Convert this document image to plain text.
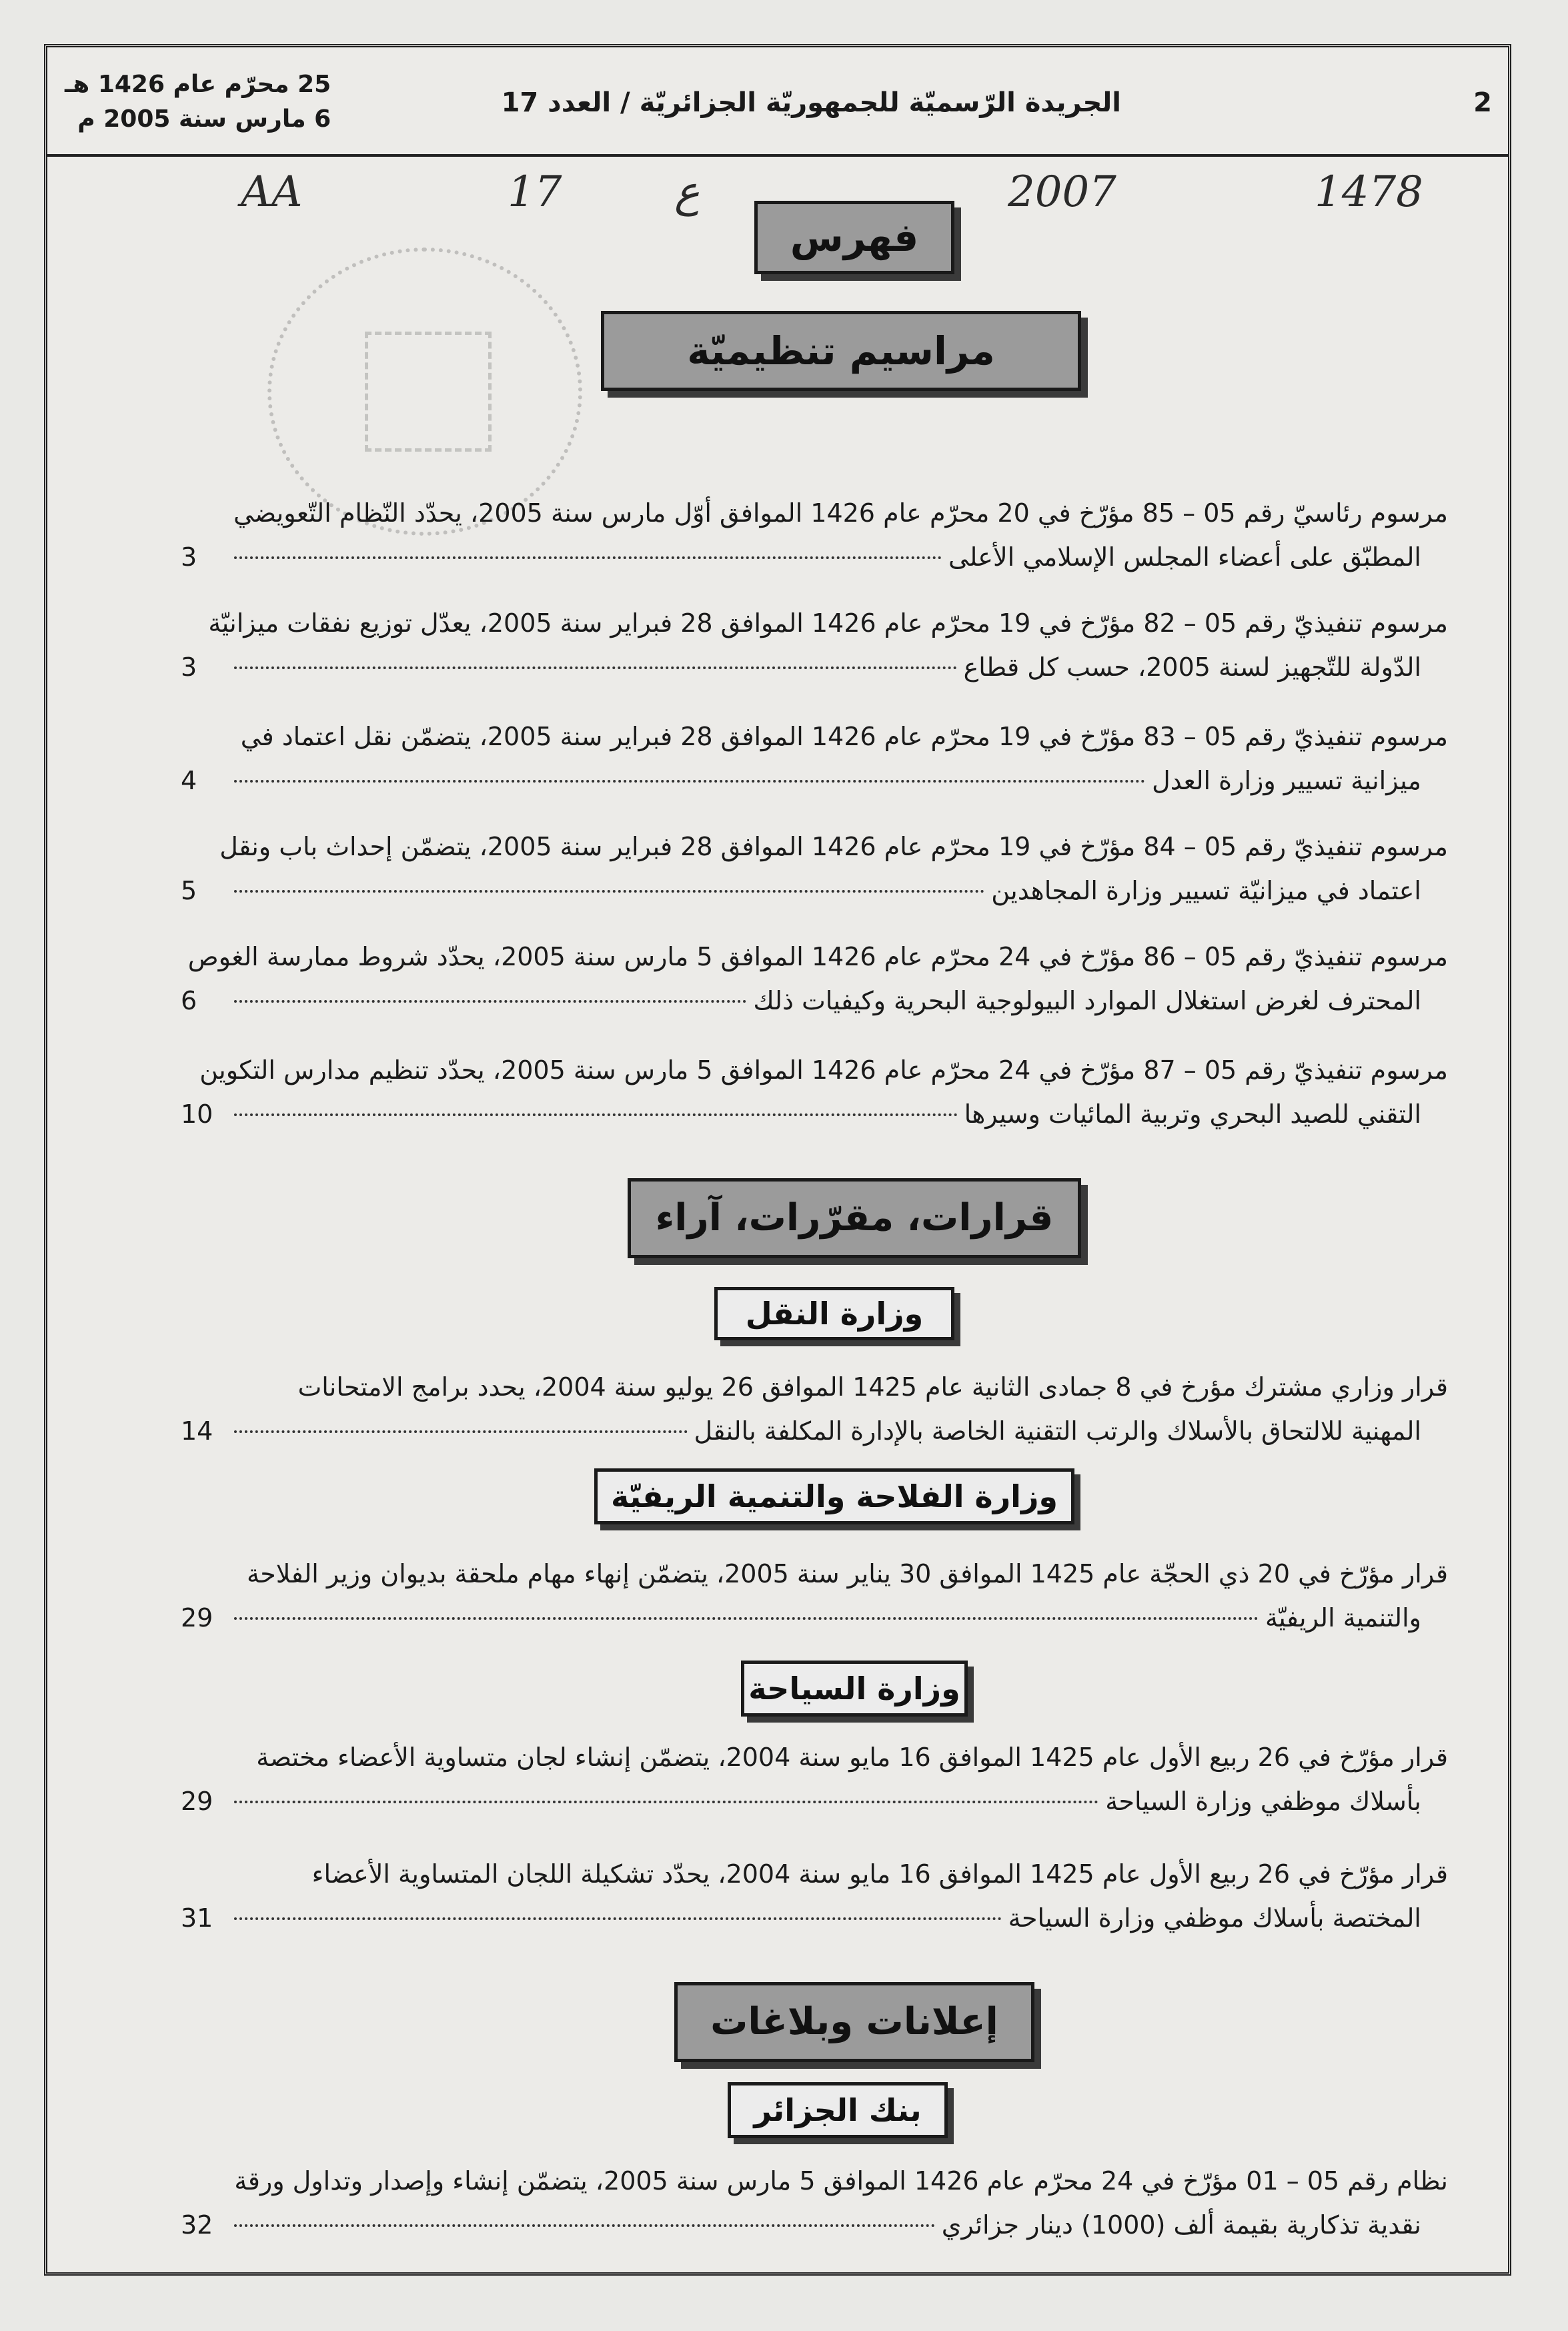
2
الجريدة الرّسميّة للجمهوريّة الجزائريّة / العدد 17
25 محرّم عام 1426 هـ
6 مارس سنة 2005 م
AA	17	ع	2007	1478
فهرس
مراسيم تنظيميّة
مرسوم رئاسيّ رقم 05 – 85 مؤرّخ في 20 محرّم عام 1426 الموافق أوّل مارس سنة 2005، يحدّد النّظام التّعويضي
المطبّق على أعضاء المجلس الإسلامي الأعلى
3
مرسوم تنفيذيّ رقم 05 – 82 مؤرّخ في 19 محرّم عام 1426 الموافق 28 فبراير سنة 2005، يعدّل توزيع نفقات ميزانيّة
الدّولة للتّجهيز لسنة 2005، حسب كل قطاع
3
مرسوم تنفيذيّ رقم 05 – 83 مؤرّخ في 19 محرّم عام 1426 الموافق 28 فبراير سنة 2005، يتضمّن نقل اعتماد في
ميزانية تسيير وزارة العدل
4
مرسوم تنفيذيّ رقم 05 – 84 مؤرّخ في 19 محرّم عام 1426 الموافق 28 فبراير سنة 2005، يتضمّن إحداث باب ونقل
اعتماد في ميزانيّة تسيير وزارة المجاهدين
5
مرسوم تنفيذيّ رقم 05 – 86 مؤرّخ في 24 محرّم عام 1426 الموافق 5 مارس سنة 2005، يحدّد شروط ممارسة الغوص
المحترف لغرض استغلال الموارد البيولوجية البحرية وكيفيات ذلك
6
مرسوم تنفيذيّ رقم 05 – 87 مؤرّخ في 24 محرّم عام 1426 الموافق 5 مارس سنة 2005، يحدّد تنظيم مدارس التكوين
التقني للصيد البحري وتربية المائيات وسيرها
10
قرارات، مقرّرات، آراء
وزارة النقل
قرار وزاري مشترك مؤرخ في 8 جمادى الثانية عام 1425 الموافق 26 يوليو سنة 2004، يحدد برامج الامتحانات
المهنية للالتحاق بالأسلاك والرتب التقنية الخاصة بالإدارة المكلفة بالنقل
14
وزارة الفلاحة والتنمية الريفيّة
قرار مؤرّخ في 20 ذي الحجّة عام 1425 الموافق 30 يناير سنة 2005، يتضمّن إنهاء مهام ملحقة بديوان وزير الفلاحة
والتنمية الريفيّة
29
وزارة السياحة
قرار مؤرّخ في 26 ربيع الأول عام 1425 الموافق 16 مايو سنة 2004، يتضمّن إنشاء لجان متساوية الأعضاء مختصة
بأسلاك موظفي وزارة السياحة
29
قرار مؤرّخ في 26 ربيع الأول عام 1425 الموافق 16 مايو سنة 2004، يحدّد تشكيلة اللجان المتساوية الأعضاء
المختصة بأسلاك موظفي وزارة السياحة
31
إعلانات وبلاغات
بنك الجزائر
نظام رقم 05 – 01 مؤرّخ في 24 محرّم عام 1426 الموافق 5 مارس سنة 2005، يتضمّن إنشاء وإصدار وتداول ورقة
نقدية تذكارية بقيمة ألف (1000) دينار جزائري
32
